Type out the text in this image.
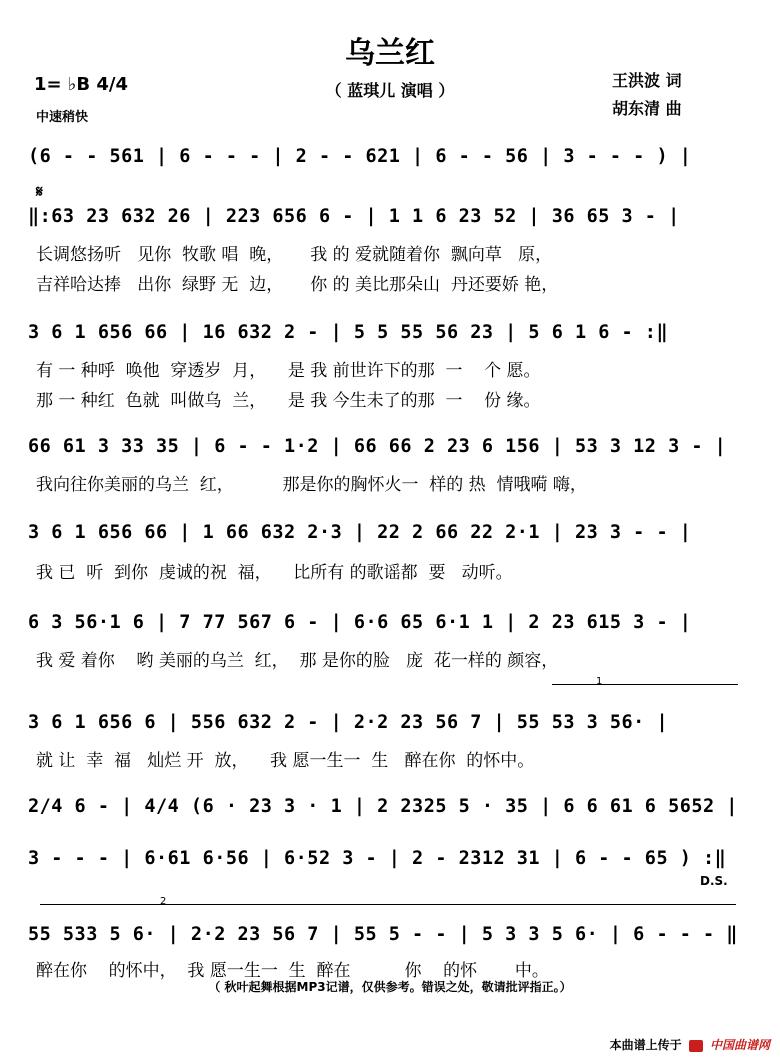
乌兰红
（ 蓝琪儿 演唱 ）
1= ♭B 4/4
中速稍快
王洪波 词
胡东清 曲
𝄋
(6 - - 561 | 6 - - - | 2 - - 621 | 6 - - 56 | 3 - - - ) |
‖:63 23 632 26 | 223 656 6 - | 1 1 6 23 52 | 36 65 3 - |
长调悠扬听   见你  牧歌 唱  晚，     我 的 爱就随着你  飘向草   原，
吉祥哈达捧   出你  绿野 无  边，     你 的 美比那朵山  丹还要娇 艳，
3 6 1 656 66 | 16 632 2 - | 5 5 55 56 23 | 5 6 1 6 - :‖
有 一 种呼  唤他  穿透岁  月，    是 我 前世许下的那  一    个 愿。
那 一 种红  色就  叫做乌  兰，    是 我 今生未了的那  一    份 缘。
66 61 3 33 35 | 6 - - 1·2 | 66 66 2 23 6 156 | 53 3 12 3 - |
我向往你美丽的乌兰  红，         那是你的胸怀火一  样的 热  情哦嗬 嗨，
3 6 1 656 66 | 1 66 632 2·3 | 22 2 66 22 2·1 | 23 3 - - |
我 已  听  到你  虔诚的祝  福，    比所有 的歌谣都  要   动听。
6 3 56·1 6 | 7 77 567 6 - | 6·6 65 6·1 1 | 2 23 615 3 - |
我 爱 着你    哟 美丽的乌兰  红，  那 是你的脸   庞  花一样的 颜容，
1
3 6 1 656 6 | 556 632 2 - | 2·2 23 56 7 | 55 53 3 56· |
就 让  幸  福   灿烂 开  放，    我 愿一生一  生   醉在你  的怀中。
2/4 6 - | 4/4 (6 · 23 3 · 1 | 2 2325 5 · 35 | 6 6 61 6 5652 |
3 - - - | 6·61 6·56 | 6·52 3 - | 2 - 2312 31 | 6 - - 65 ) :‖
D.S.
2
55 533 5 6· | 2·2 23 56 7 | 55 5 - - | 5 3 3 5 6· | 6 - - - ‖
醉在你    的怀中，  我 愿一生一  生  醉在          你    的怀       中。
（ 秋叶起舞根据MP3记谱，仅供参考。错误之处，敬请批评指正。）
本曲谱上传于 中国曲谱网
